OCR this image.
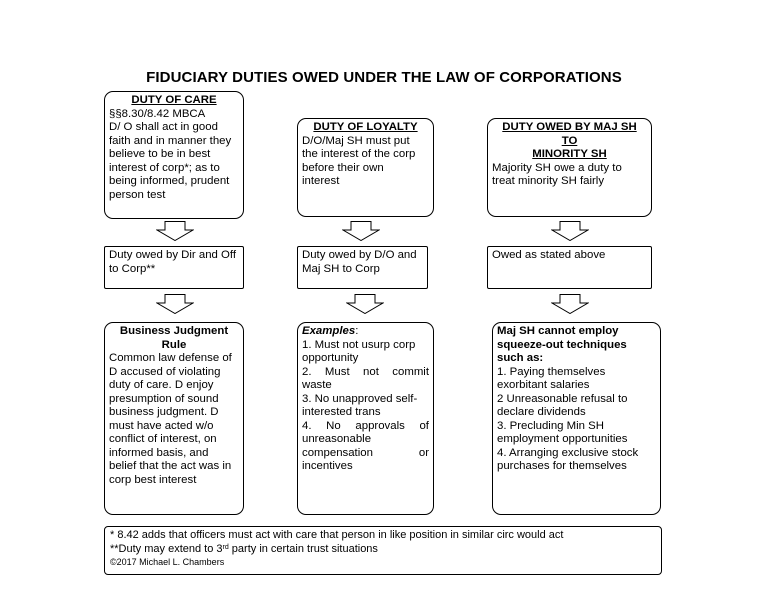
FIDUCIARY DUTIES OWED UNDER THE LAW OF CORPORATIONS
DUTY OF CARE
§§8.30/8.42 MBCA
D/ O shall act in good
faith and in manner they
believe to be in best
interest of corp*; as to
being informed, prudent
person test
DUTY OF LOYALTY
D/O/Maj SH must put
the interest of the corp
before their own
interest
DUTY OWED BY MAJ SH
TO
MINORITY SH
Majority SH owe a duty to
treat minority SH fairly
Duty owed by Dir and Off
to Corp**
Duty owed by D/O and
Maj SH to Corp
Owed as stated above
Business Judgment
Rule
Common law defense of
D accused of violating
duty of care. D enjoy
presumption of sound
business judgment. D
must have acted w/o
conflict of interest, on
informed basis, and
belief that the act was in
corp best interest
Examples:
1. Must not usurp corp
opportunity
2. Must not commit
waste
3. No unapproved self-
interested trans
4. No approvals of
unreasonable
compensation	or
incentives
Maj SH cannot employ
squeeze-out techniques
such as:
1. Paying themselves
exorbitant salaries
2 Unreasonable refusal to
declare dividends
3. Precluding Min SH
employment opportunities
4. Arranging exclusive stock
purchases for themselves
* 8.42 adds that officers must act with care that person in like position in similar circ would act
**Duty may extend to 3rd party in certain trust situations
©2017 Michael L. Chambers
